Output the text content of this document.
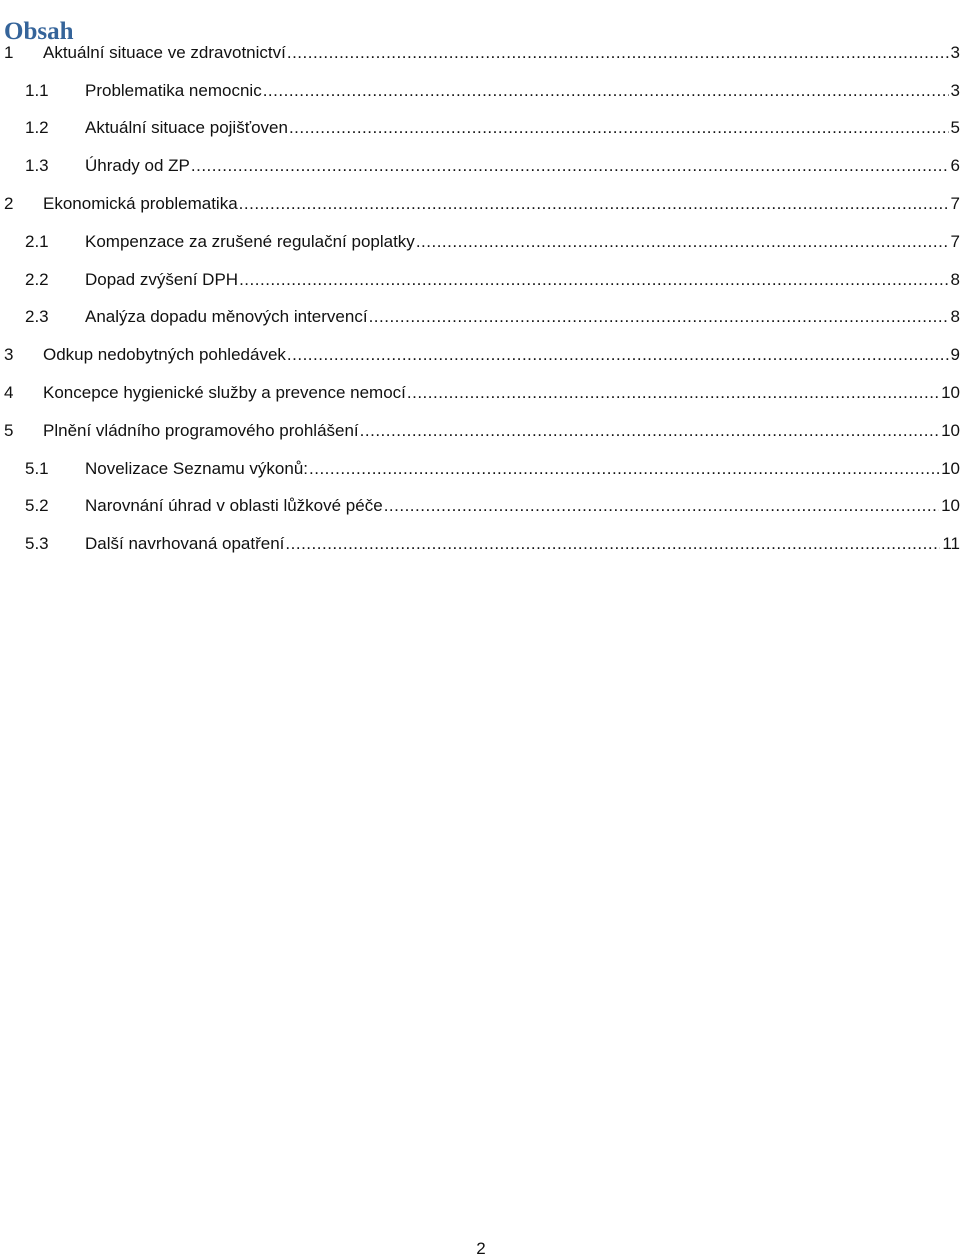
Obsah
1 Aktuální situace ve zdravotnictví .....	3
1.1 Problematika nemocnic .....	3
1.2 Aktuální situace pojišťoven .....	5
1.3 Úhrady od ZP .....	6
2 Ekonomická problematika .....	7
2.1 Kompenzace za zrušené regulační poplatky .....	7
2.2 Dopad zvýšení DPH .....	8
2.3 Analýza dopadu měnových intervencí .....	8
3 Odkup nedobytných pohledávek .....	9
4 Koncepce hygienické služby a prevence nemocí .....	10
5 Plnění vládního programového prohlášení .....	10
5.1 Novelizace Seznamu výkonů: .....	10
5.2 Narovnání úhrad v oblasti lůžkové péče .....	10
5.3 Další navrhovaná opatření .....	11
2
